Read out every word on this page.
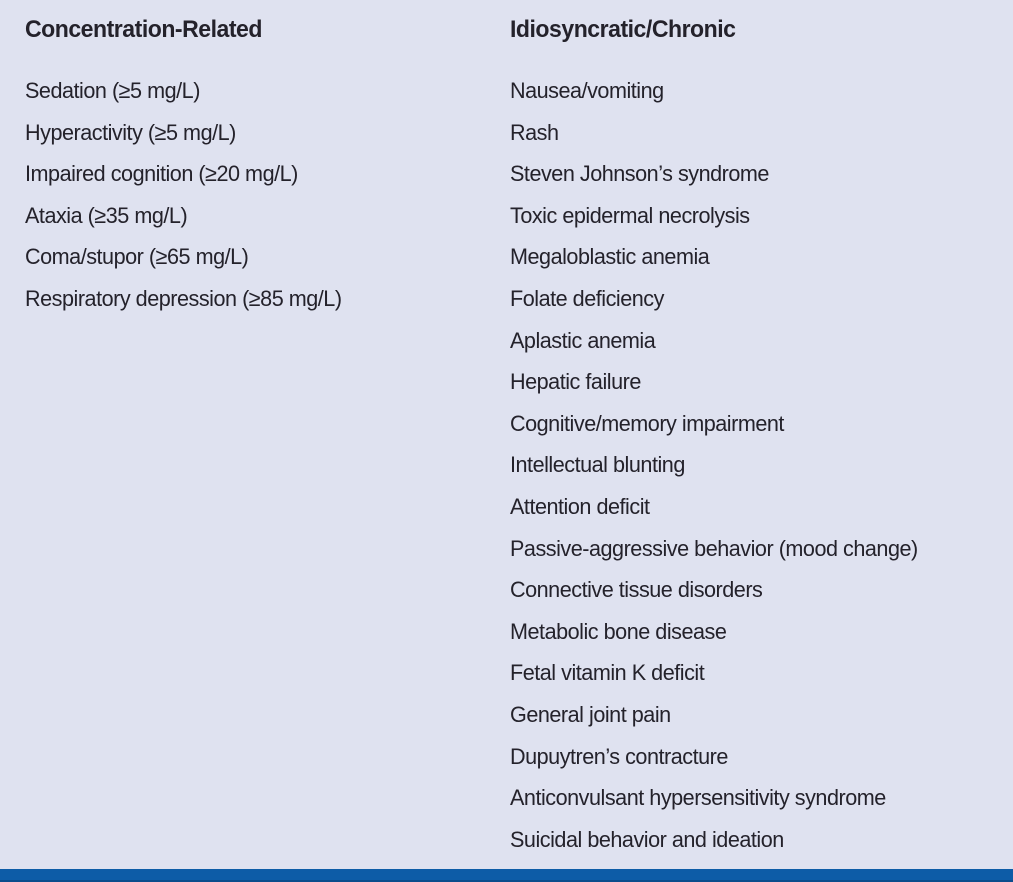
Concentration-Related
Sedation (≥5 mg/L)
Hyperactivity (≥5 mg/L)
Impaired cognition (≥20 mg/L)
Ataxia (≥35 mg/L)
Coma/stupor (≥65 mg/L)
Respiratory depression (≥85 mg/L)
Idiosyncratic/Chronic
Nausea/vomiting
Rash
Steven Johnson’s syndrome
Toxic epidermal necrolysis
Megaloblastic anemia
Folate deficiency
Aplastic anemia
Hepatic failure
Cognitive/memory impairment
Intellectual blunting
Attention deficit
Passive-aggressive behavior (mood change)
Connective tissue disorders
Metabolic bone disease
Fetal vitamin K deficit
General joint pain
Dupuytren’s contracture
Anticonvulsant hypersensitivity syndrome
Suicidal behavior and ideation
